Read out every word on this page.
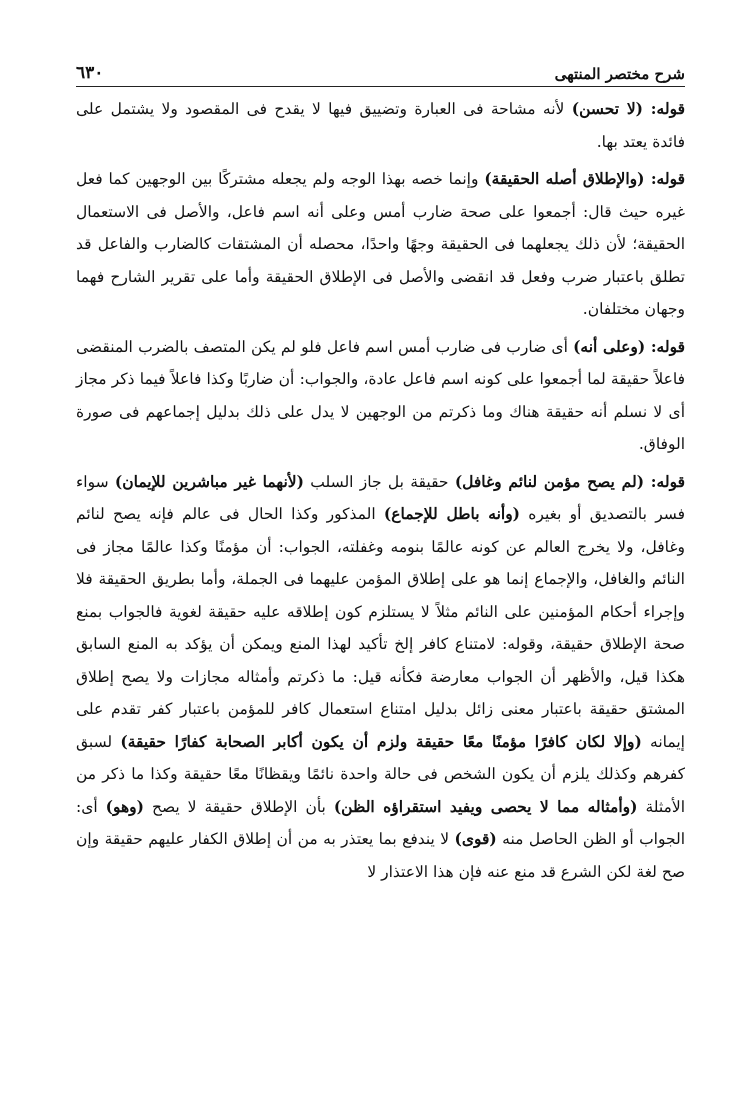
شرح مختصر المنتهى
٦٣٠

قوله: (لا تحسن) لأنه مشاحة فى العبارة وتضييق فيها لا يقدح فى المقصود ولا يشتمل على فائدة يعتد بها.

قوله: (والإطلاق أصله الحقيقة) وإنما خصه بهذا الوجه ولم يجعله مشتركًا بين الوجهين كما فعل غيره حيث قال: أجمعوا على صحة ضارب أمس وعلى أنه اسم فاعل، والأصل فى الاستعمال الحقيقة؛ لأن ذلك يجعلهما فى الحقيقة وجهًا واحدًا، محصله أن المشتقات كالضارب والفاعل قد تطلق باعتبار ضرب وفعل قد انقضى والأصل فى الإطلاق الحقيقة وأما على تقرير الشارح فهما وجهان مختلفان.

قوله: (وعلى أنه) أى ضارب فى ضارب أمس اسم فاعل فلو لم يكن المتصف بالضرب المنقضى فاعلاً حقيقة لما أجمعوا على كونه اسم فاعل عادة، والجواب: أن ضاربًا وكذا فاعلاً فيما ذكر مجاز أى لا نسلم أنه حقيقة هناك وما ذكرتم من الوجهين لا يدل على ذلك بدليل إجماعهم فى صورة الوفاق.

قوله: (لم يصح مؤمن لنائم وغافل) حقيقة بل جاز السلب (لأنهما غير مباشرين للإيمان) سواء فسر بالتصديق أو بغيره (وأنه باطل للإجماع) المذكور وكذا الحال فى عالم فإنه يصح لنائم وغافل، ولا يخرج العالم عن كونه عالمًا بنومه وغفلته، الجواب: أن مؤمنًا وكذا عالمًا مجاز فى النائم والغافل، والإجماع إنما هو على إطلاق المؤمن عليهما فى الجملة، وأما بطريق الحقيقة فلا وإجراء أحكام المؤمنين على النائم مثلاً لا يستلزم كون إطلاقه عليه حقيقة لغوية فالجواب بمنع صحة الإطلاق حقيقة، وقوله: لامتناع كافر إلخ تأكيد لهذا المنع ويمكن أن يؤكد به المنع السابق هكذا قيل، والأظهر أن الجواب معارضة فكأنه قيل: ما ذكرتم وأمثاله مجازات ولا يصح إطلاق المشتق حقيقة باعتبار معنى زائل بدليل امتناع استعمال كافر للمؤمن باعتبار كفر تقدم على إيمانه (وإلا لكان كافرًا مؤمنًا معًا حقيقة ولزم أن يكون أكابر الصحابة كفارًا حقيقة) لسبق كفرهم وكذلك يلزم أن يكون الشخص فى حالة واحدة نائمًا ويقظانًا معًا حقيقة وكذا ما ذكر من الأمثلة (وأمثاله مما لا يحصى ويفيد استقراؤه الظن) بأن الإطلاق حقيقة لا يصح (وهو) أى: الجواب أو الظن الحاصل منه (قوى) لا يندفع بما يعتذر به من أن إطلاق الكفار عليهم حقيقة وإن صح لغة لكن الشرع قد منع عنه فإن هذا الاعتذار لا
